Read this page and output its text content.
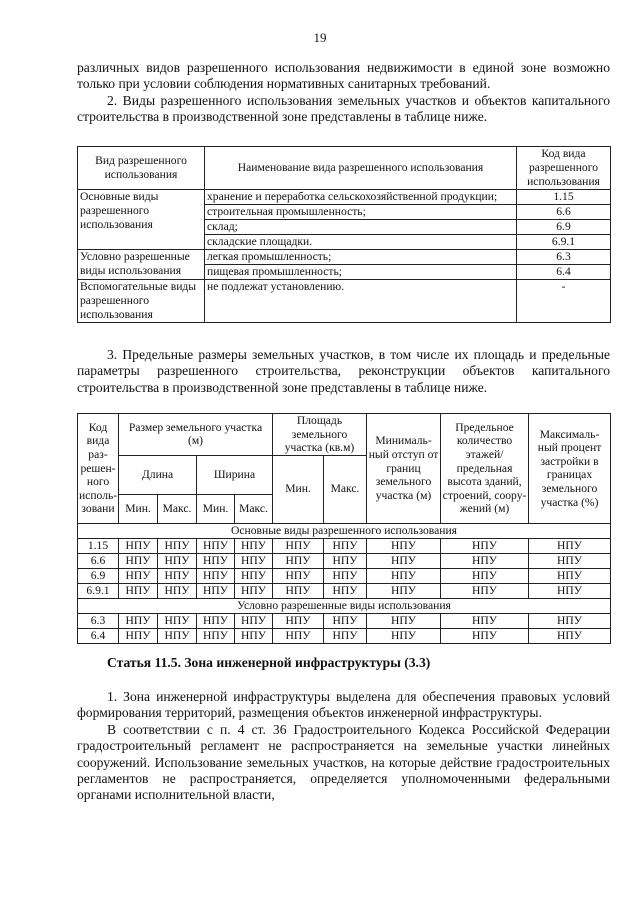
19

различных видов разрешенного использования недвижимости в единой зоне возможно только при условии соблюдения нормативных санитарных требований.

2. Виды разрешенного использования земельных участков и объектов капитального строительства в производственной зоне представлены в таблице ниже.

Вид разрешенного использования	Наименование вида разрешенного использования	Код вида разрешенного использования
Основные виды разрешенного использования	хранение и переработка сельскохозяйственной продукции;	1.15
	строительная промышленность;	6.6
	склад;	6.9
	складские площадки.	6.9.1
Условно разрешенные виды использования	легкая промышленность;	6.3
	пищевая промышленность;	6.4
Вспомогательные виды разрешенного использования	не подлежат установлению.	-

3. Предельные размеры земельных участков, в том числе их площадь и предельные параметры разрешенного строительства, реконструкции объектов капитального строительства в производственной зоне представлены в таблице ниже.

Код вида раз-решен-ного исполь-зовани	Размер земельного участка (м)				Площадь земельного участка (кв.м)		Минималь-ный отступ от границ земельного участка (м)	Предельное количество этажей/ предельная высота зданий, строений, соору-жений (м)	Максималь-ный процент застройки в границах земельного участка (%)
	Длина		Ширина		Мин.	Макс.			
	Мин.	Макс.	Мин.	Макс.					
Основные виды разрешенного использования									
1.15	НПУ	НПУ	НПУ	НПУ	НПУ	НПУ	НПУ	НПУ	НПУ
6.6	НПУ	НПУ	НПУ	НПУ	НПУ	НПУ	НПУ	НПУ	НПУ
6.9	НПУ	НПУ	НПУ	НПУ	НПУ	НПУ	НПУ	НПУ	НПУ
6.9.1	НПУ	НПУ	НПУ	НПУ	НПУ	НПУ	НПУ	НПУ	НПУ
Условно разрешенные виды использования									
6.3	НПУ	НПУ	НПУ	НПУ	НПУ	НПУ	НПУ	НПУ	НПУ
6.4	НПУ	НПУ	НПУ	НПУ	НПУ	НПУ	НПУ	НПУ	НПУ
Статья 11.5. Зона инженерной инфраструктуры (3.3)

1. Зона инженерной инфраструктуры выделена для обеспечения правовых условий формирования территорий, размещения объектов инженерной инфраструктуры.

В соответствии с п. 4 ст. 36 Градостроительного Кодекса Российской Федерации градостроительный регламент не распространяется на земельные участки линейных сооружений. Использование земельных участков, на которые действие градостроительных регламентов не распространяется, определяется уполномоченными федеральными органами исполнительной власти,
